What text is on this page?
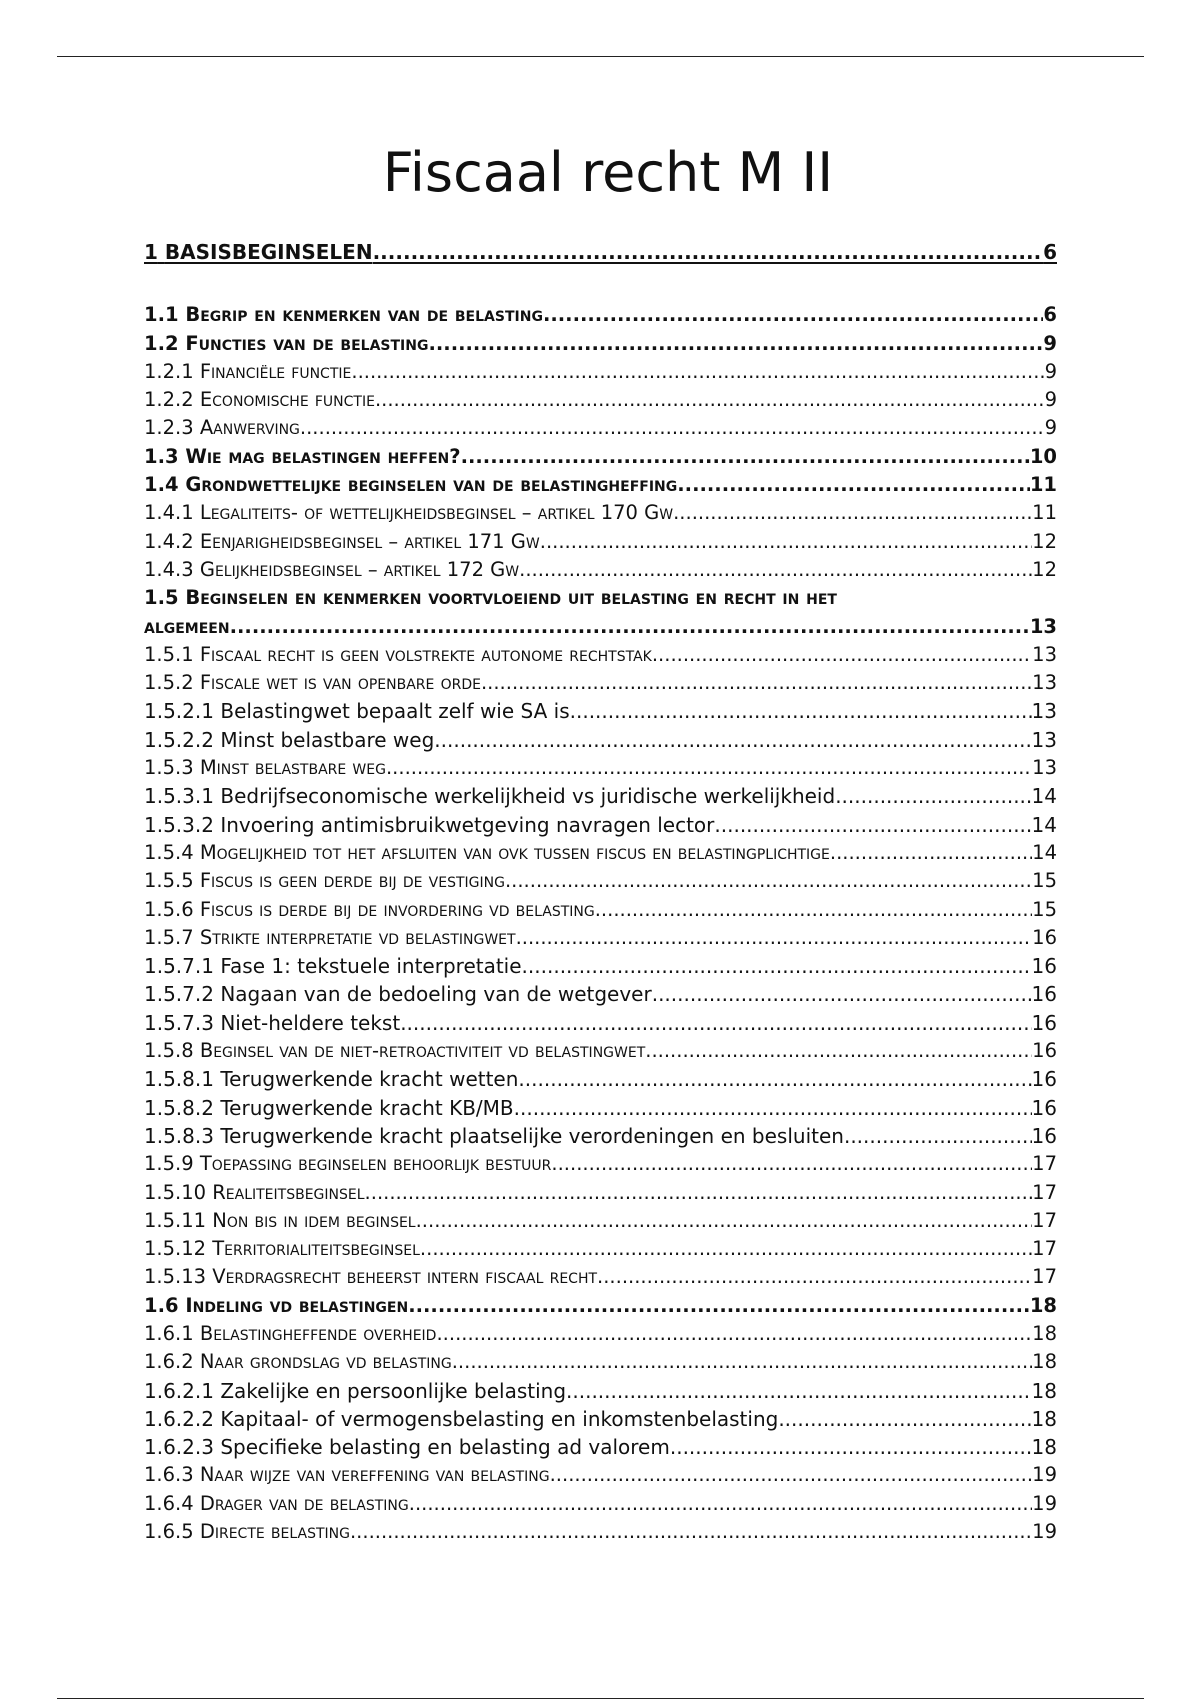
Fiscaal recht M II
1 BASISBEGINSELEN .....	6
1.1 Begrip en kenmerken van de belasting .....	6
1.2 Functies van de belasting .....	9
1.2.1 Financiële functie .....	9
1.2.2 Economische functie .....	9
1.2.3 Aanwerving .....	9
1.3 Wie mag belastingen heffen? .....	10
1.4 Grondwettelijke beginselen van de belastingheffing .....	11
1.4.1 Legaliteits- of wettelijkheidsbeginsel – artikel 170 Gw .....	11
1.4.2 Eenjarigheidsbeginsel – artikel 171 Gw .....	12
1.4.3 Gelijkheidsbeginsel – artikel 172 Gw .....	12
1.5 Beginselen en kenmerken voortvloeiend uit belasting en recht in het
algemeen .....	13
1.5.1 Fiscaal recht is geen volstrekte autonome rechtstak .....	13
1.5.2 Fiscale wet is van openbare orde .....	13
1.5.2.1 Belastingwet bepaalt zelf wie SA is .....	13
1.5.2.2 Minst belastbare weg .....	13
1.5.3 Minst belastbare weg .....	13
1.5.3.1 Bedrijfseconomische werkelijkheid vs juridische werkelijkheid .....	14
1.5.3.2 Invoering antimisbruikwetgeving navragen lector .....	14
1.5.4 Mogelijkheid tot het afsluiten van ovk tussen fiscus en belastingplichtige .....	14
1.5.5 Fiscus is geen derde bij de vestiging .....	15
1.5.6 Fiscus is derde bij de invordering vd belasting .....	15
1.5.7 Strikte interpretatie vd belastingwet .....	16
1.5.7.1 Fase 1: tekstuele interpretatie .....	16
1.5.7.2 Nagaan van de bedoeling van de wetgever .....	16
1.5.7.3 Niet-heldere tekst .....	16
1.5.8 Beginsel van de niet-retroactiviteit vd belastingwet .....	16
1.5.8.1 Terugwerkende kracht wetten .....	16
1.5.8.2 Terugwerkende kracht KB/MB .....	16
1.5.8.3 Terugwerkende kracht plaatselijke verordeningen en besluiten .....	16
1.5.9 Toepassing beginselen behoorlijk bestuur .....	17
1.5.10 Realiteitsbeginsel .....	17
1.5.11 Non bis in idem beginsel .....	17
1.5.12 Territorialiteitsbeginsel .....	17
1.5.13 Verdragsrecht beheerst intern fiscaal recht .....	17
1.6 Indeling vd belastingen .....	18
1.6.1 Belastingheffende overheid .....	18
1.6.2 Naar grondslag vd belasting .....	18
1.6.2.1 Zakelijke en persoonlijke belasting .....	18
1.6.2.2 Kapitaal- of vermogensbelasting en inkomstenbelasting .....	18
1.6.2.3 Specifieke belasting en belasting ad valorem .....	18
1.6.3 Naar wijze van vereffening van belasting .....	19
1.6.4 Drager van de belasting .....	19
1.6.5 Directe belasting .....	19
